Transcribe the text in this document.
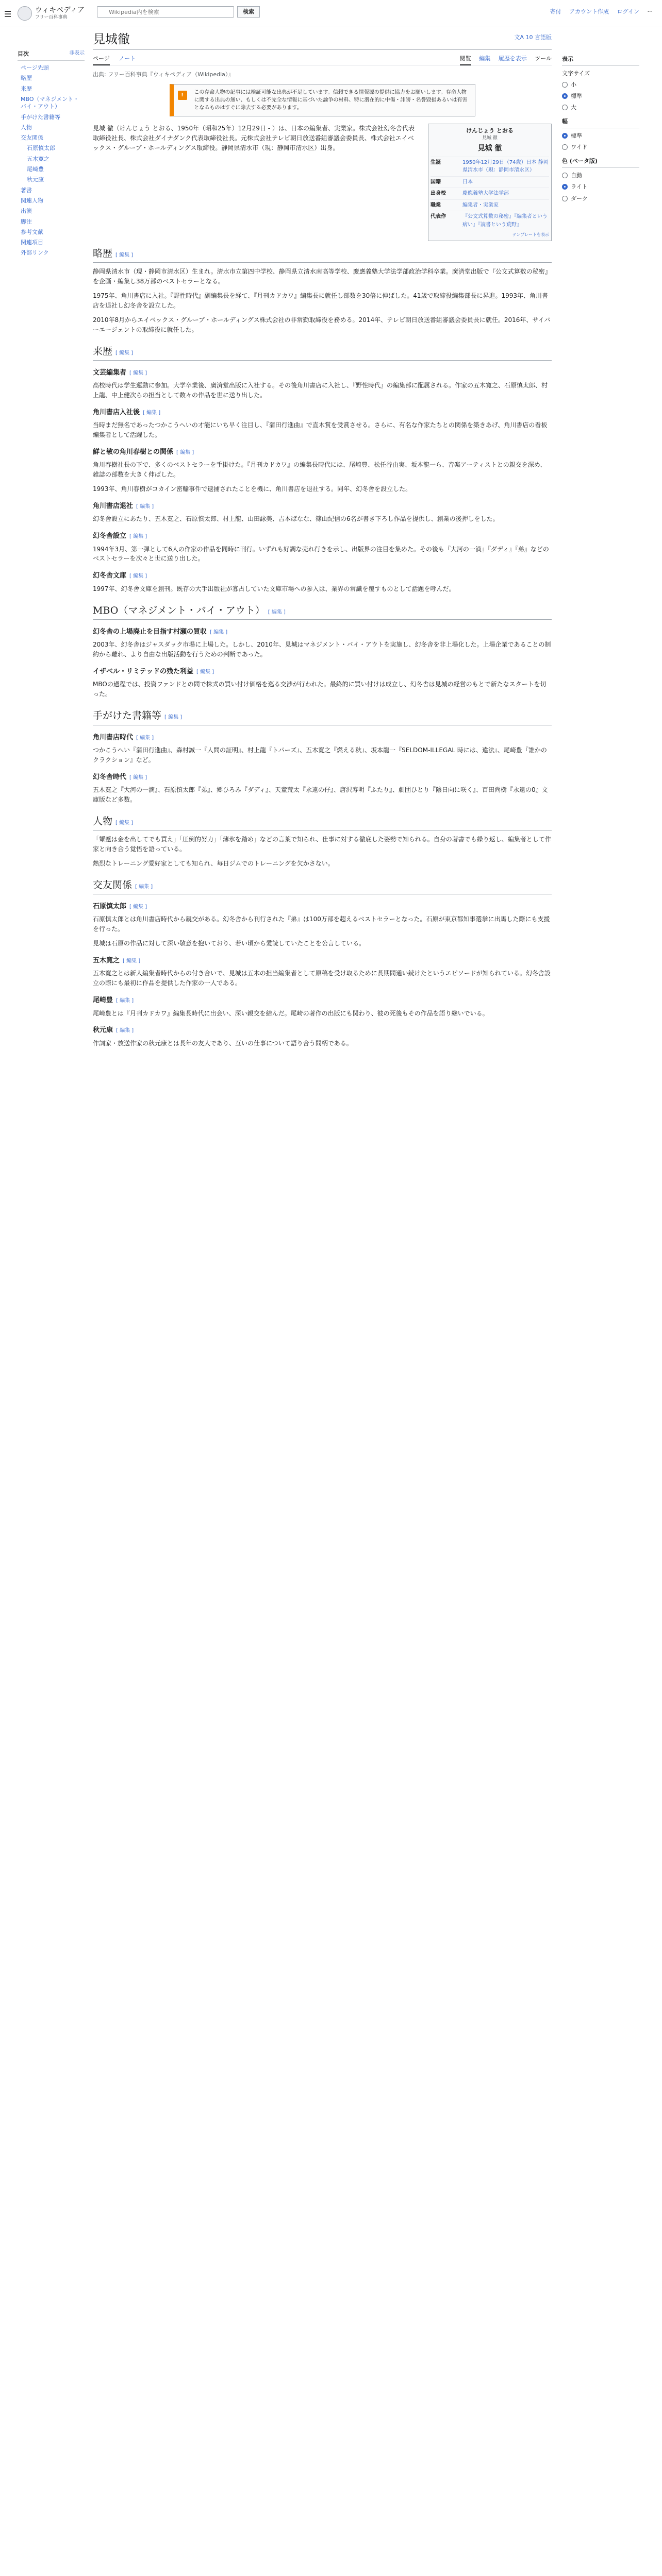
☰	ウィキペディア
フリー百科事典
Wikipedia内を検索
検索	寄付 アカウント作成 ログイン ···
目次	非表示
ページ先頭
略歴
来歴
MBO（マネジメント・バイ・アウト）
手がけた書籍等
人物
交友関係
石原慎太郎
五木寛之
尾崎豊
秋元康
著書
関連人物
出演
脚注
参考文献
関連項目
外部リンク
表示
文字サイズ
小
標準
大
幅
標準
ワイド
色 (ベータ版)
自動
ライト
ダーク
見城徹	文A 10 言語版
ページ ノート	閲覧 編集 履歴を表示 ツール
出典: フリー百科事典『ウィキペディア（Wikipedia）』
!	この存命人物の記事には検証可能な出典が不足しています。信頼できる情報源の提供に協力をお願いします。存命人物に関する出典の無い、もしくは不完全な情報に基づいた論争の材料、特に潜在的に中傷・誹謗・名誉毀損あるいは有害となるものはすぐに除去する必要があります。

けんじょう とおる
見城 徹
見城 徹
生誕	1950年12月29日（74歳）日本 静岡県清水市（現：静岡市清水区）
国籍	日本
出身校	慶應義塾大学法学部
職業	編集者・実業家
代表作	『公文式算数の秘密』『編集者という病い』『読書という荒野』
テンプレートを表示

見城 徹（けんじょう とおる、1950年（昭和25年）12月29日 - ）は、日本の編集者、実業家。株式会社幻冬舎代表取締役社長、株式会社ダイナダンク代表取締役社長。元株式会社テレビ朝日放送番組審議会委員長、株式会社エイベックス・グループ・ホールディングス取締役。静岡県清水市（現：静岡市清水区）出身。

略歴 [ 編集 ]

静岡県清水市（現・静岡市清水区）生まれ。清水市立第四中学校、静岡県立清水南高等学校、慶應義塾大学法学部政治学科卒業。廣済堂出版で『公文式算数の秘密』を企画・編集し38万部のベストセラーとなる。

1975年、角川書店に入社。『野性時代』副編集長を経て、『月刊カドカワ』編集長に就任し部数を30倍に伸ばした。41歳で取締役編集部長に昇進。1993年、角川書店を退社し幻冬舎を設立した。

2010年8月からエイベックス・グループ・ホールディングス株式会社の非常勤取締役を務める。2014年、テレビ朝日放送番組審議会委員長に就任。2016年、サイバーエージェントの取締役に就任した。

来歴 [ 編集 ]
文芸編集者 [ 編集 ]

高校時代は学生運動に参加。大学卒業後、廣済堂出版に入社する。その後角川書店に入社し、『野性時代』の編集部に配属される。作家の五木寛之、石原慎太郎、村上龍、中上健次らの担当として数々の作品を世に送り出した。

角川書店入社後 [ 編集 ]

当時まだ無名であったつかこうへいの才能にいち早く注目し、『蒲田行進曲』で直木賞を受賞させる。さらに、有名な作家たちとの関係を築きあげ、角川書店の看板編集者として活躍した。

鮮と敏の角川春樹との関係 [ 編集 ]

角川春樹社長の下で、多くのベストセラーを手掛けた。『月刊カドカワ』の編集長時代には、尾崎豊、松任谷由実、坂本龍一ら、音楽アーティストとの親交を深め、雑誌の部数を大きく伸ばした。

1993年、角川春樹がコカイン密輸事件で逮捕されたことを機に、角川書店を退社する。同年、幻冬舎を設立した。

角川書店退社 [ 編集 ]

幻冬舎設立にあたり、五木寛之、石原慎太郎、村上龍、山田詠美、吉本ばなな、篠山紀信の6名が書き下ろし作品を提供し、創業の後押しをした。

幻冬舎設立 [ 編集 ]

1994年3月、第一弾として6人の作家の作品を同時に刊行。いずれも好調な売れ行きを示し、出版界の注目を集めた。その後も『大河の一滴』『ダディ』『弟』などのベストセラーを次々と世に送り出した。

幻冬舎文庫 [ 編集 ]

1997年、幻冬舎文庫を創刊。既存の大手出版社が寡占していた文庫市場への参入は、業界の常識を覆すものとして話題を呼んだ。

MBO（マネジメント・バイ・アウト） [ 編集 ]
幻冬舎の上場廃止を目指す村瀬の買収 [ 編集 ]

2003年、幻冬舎はジャスダック市場に上場した。しかし、2010年、見城はマネジメント・バイ・アウトを実施し、幻冬舎を非上場化した。上場企業であることの制約から離れ、より自由な出版活動を行うための判断であった。

イザベル・リミテッドの残た利益 [ 編集 ]

MBOの過程では、投資ファンドとの間で株式の買い付け価格を巡る交渉が行われた。最終的に買い付けは成立し、幻冬舎は見城の経営のもとで新たなスタートを切った。

手がけた書籍等 [ 編集 ]
角川書店時代 [ 編集 ]

つかこうへい『蒲田行進曲』、森村誠一『人間の証明』、村上龍『トパーズ』、五木寛之『燃える秋』、坂本龍一『SELDOM-ILLEGAL 時には、違法』、尾崎豊『誰かのクラクション』など。

幻冬舎時代 [ 編集 ]

五木寛之『大河の一滴』、石原慎太郎『弟』、郷ひろみ『ダディ』、天童荒太『永遠の仔』、唐沢寿明『ふたり』、劇団ひとり『陰日向に咲く』、百田尚樹『永遠の0』文庫版など多数。

人物 [ 編集 ]

「顰蹙は金を出してでも買え」「圧倒的努力」「薄氷を踏め」などの言葉で知られ、仕事に対する徹底した姿勢で知られる。自身の著書でも繰り返し、編集者として作家と向き合う覚悟を語っている。

熱烈なトレーニング愛好家としても知られ、毎日ジムでのトレーニングを欠かさない。

交友関係 [ 編集 ]
石原慎太郎 [ 編集 ]

石原慎太郎とは角川書店時代から親交がある。幻冬舎から刊行された『弟』は100万部を超えるベストセラーとなった。石原が東京都知事選挙に出馬した際にも支援を行った。

見城は石原の作品に対して深い敬意を抱いており、若い頃から愛読していたことを公言している。

五木寛之 [ 編集 ]

五木寛之とは新人編集者時代からの付き合いで、見城は五木の担当編集者として原稿を受け取るために長期間通い続けたというエピソードが知られている。幻冬舎設立の際にも最初に作品を提供した作家の一人である。

尾崎豊 [ 編集 ]

尾崎豊とは『月刊カドカワ』編集長時代に出会い、深い親交を結んだ。尾崎の著作の出版にも関わり、彼の死後もその作品を語り継いでいる。

秋元康 [ 編集 ]

作詞家・放送作家の秋元康とは長年の友人であり、互いの仕事について語り合う間柄である。
